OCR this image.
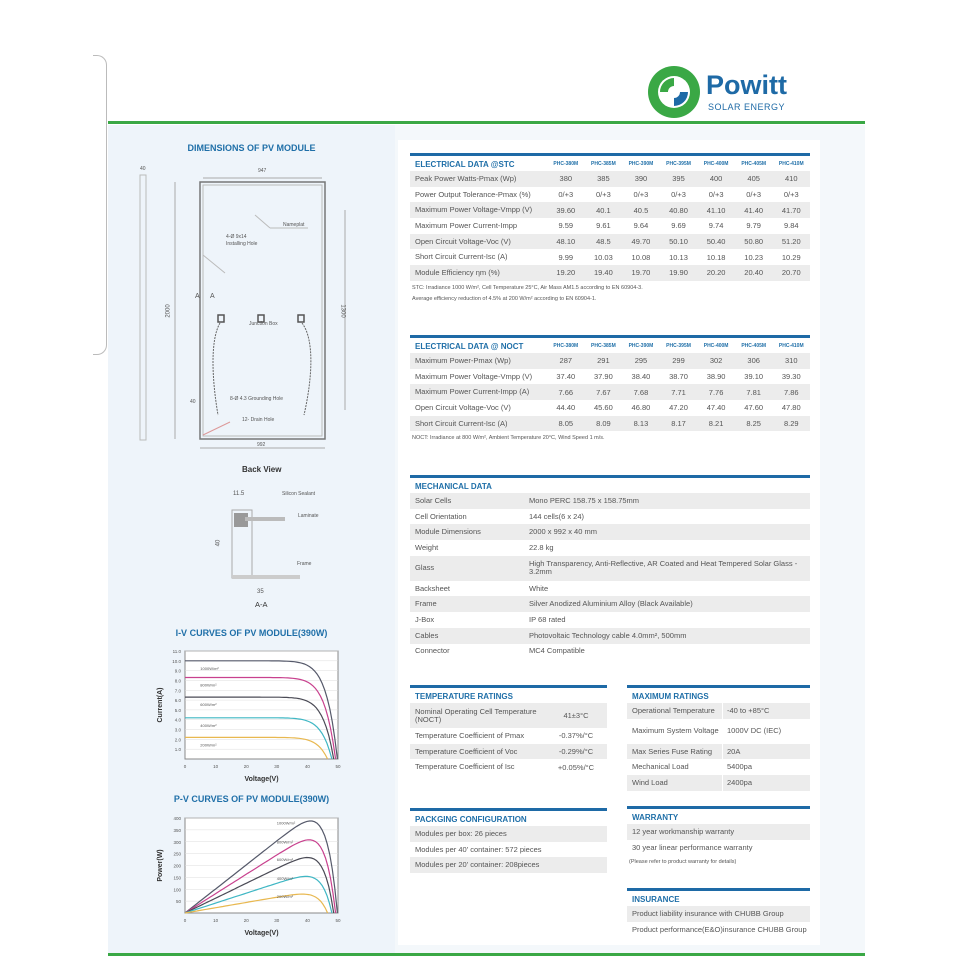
Powitt
SOLAR ENERGY
DIMENSIONS OF PV MODULE
40	947
Nameplat
4-Ø 9x14
Installing Hole
A A
2000	1300
Junction Box
40	8-Ø 4.3 Grounding Hole
12- Drain Hole
992
Back View
11.5	Silicon Sealant
Laminate
40
Frame
35
A-A
I-V CURVES OF PV MODULE(390W)
1.0
2.0
3.0
4.0
5.0
6.0
7.0
8.0
9.0
10.0
11.0
0	10	20	30	40	50
Voltage(V)
Current(A)
1000W/m²
800W/m²
600W/m²
400W/m²
200W/m²
P-V CURVES OF PV MODULE(390W)
50
100
150
200
250
300
350
400
0	10	20	30	40	50
Voltage(V)
Power(W)
1000W/m²
800W/m²
600W/m²
400W/m²
200W/m²
ELECTRICAL DATA @STC	PHC-380M	PHC-385M	PHC-390M	PHC-395M	PHC-400M	PHC-405M	PHC-410M
Peak Power Watts-Pmax (Wp)	380	385	390	395	400	405	410
Power Output Tolerance-Pmax (%)	0/+3	0/+3	0/+3	0/+3	0/+3	0/+3	0/+3
Maximum Power Voltage-Vmpp (V)	39.60	40.1	40.5	40.80	41.10	41.40	41.70
Maximum Power Current-Impp	9.59	9.61	9.64	9.69	9.74	9.79	9.84
Open Circuit Voltage-Voc (V)	48.10	48.5	49.70	50.10	50.40	50.80	51.20
Short Circuit Current-Isc (A)	9.99	10.03	10.08	10.13	10.18	10.23	10.29
Module Efficiency ηm (%)	19.20	19.40	19.70	19.90	20.20	20.40	20.70
STC: Irradiance 1000 W/m², Cell Temperature 25°C, Air Mass AM1.5 according to EN 60904-3.
Average efficiency reduction of 4.5% at 200 W/m² according to EN 60904-1.
ELECTRICAL DATA @ NOCT	PHC-380M	PHC-385M	PHC-390M	PHC-395M	PHC-400M	PHC-405M	PHC-410M
Maximum Power-Pmax (Wp)	287	291	295	299	302	306	310
Maximum Power Voltage-Vmpp (V)	37.40	37.90	38.40	38.70	38.90	39.10	39.30
Maximum Power Current-Impp (A)	7.66	7.67	7.68	7.71	7.76	7.81	7.86
Open Circuit Voltage-Voc (V)	44.40	45.60	46.80	47.20	47.40	47.60	47.80
Short Circuit Current-Isc (A)	8.05	8.09	8.13	8.17	8.21	8.25	8.29
NOCT: Irradiance at 800 W/m², Ambient Temperature 20°C, Wind Speed 1 m/s.
MECHANICAL DATA
Solar Cells	Mono PERC 158.75 x 158.75mm
Cell Orientation	144 cells(6 x 24)
Module Dimensions	2000 x 992 x 40 mm
Weight	22.8 kg
Glass	High Transparency, Anti-Reflective, AR Coated and Heat Tempered Solar Glass - 3.2mm
Backsheet	White
Frame	Silver Anodized Aluminium Alloy (Black Available)
J-Box	IP 68 rated
Cables	Photovoltaic Technology cable 4.0mm², 500mm
Connector	MC4 Compatible
TEMPERATURE RATINGS
Nominal Operating Cell Temperature (NOCT)	41±3°C
Temperature Coefficient of Pmax	-0.37%/°C
Temperature Coefficient of Voc	-0.29%/°C
Temperature Coefficient of Isc	+0.05%/°C
MAXIMUM RATINGS
Operational Temperature	-40 to +85°C
Maximum System Voltage	1000V DC (IEC)
Max Series Fuse Rating	20A
Mechanical Load	5400pa
Wind Load	2400pa
PACKGING CONFIGURATION
Modules per box: 26 pieces
Modules per 40' container: 572 pieces
Modules per 20' container: 208pieces
WARRANTY
12 year workmanship warranty
30 year linear performance warranty
(Please refer to product warranty for details)
INSURANCE
Product liability insurance with CHUBB Group
Product performance(E&O)insurance CHUBB Group
